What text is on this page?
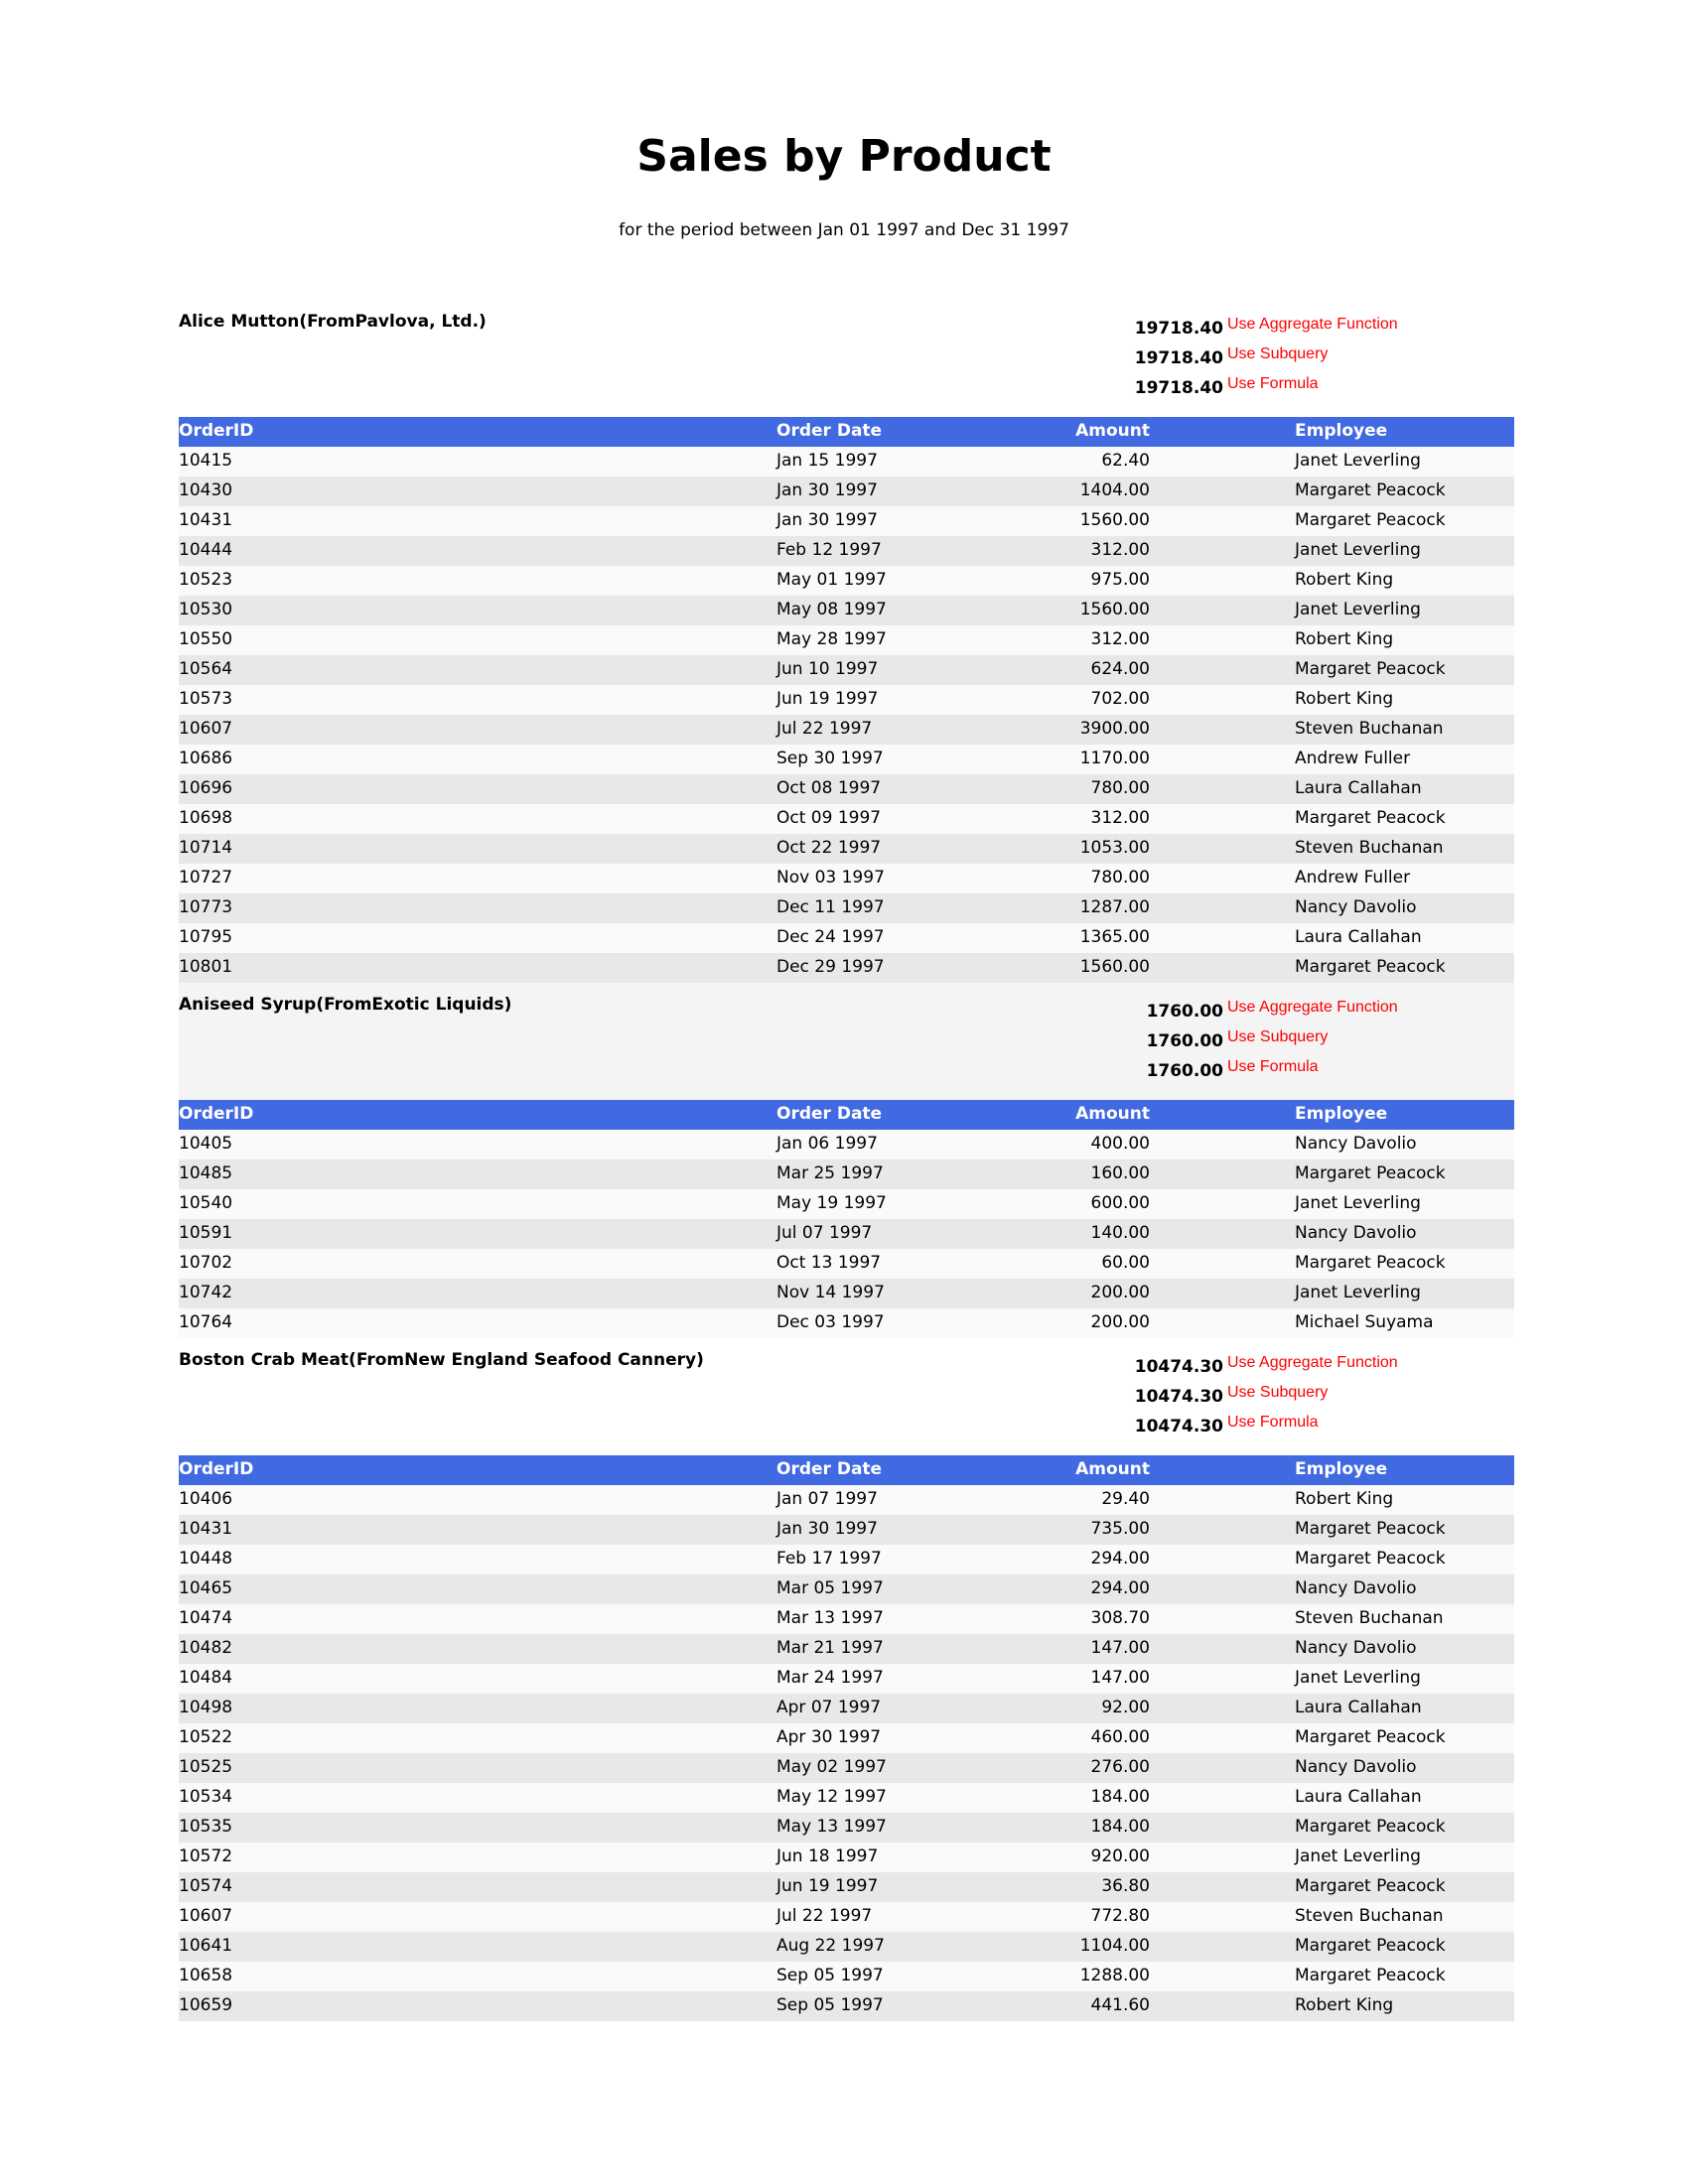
Sales by Product
for the period between Jan 01 1997 and Dec 31 1997
Alice Mutton(FromPavlova, Ltd.)	19718.40 Use Aggregate Function
19718.40 Use Subquery
19718.40 Use Formula
OrderID	Order Date	Amount	Employee
10415	Jan 15 1997	62.40	Janet Leverling
10430	Jan 30 1997	1404.00	Margaret Peacock
10431	Jan 30 1997	1560.00	Margaret Peacock
10444	Feb 12 1997	312.00	Janet Leverling
10523	May 01 1997	975.00	Robert King
10530	May 08 1997	1560.00	Janet Leverling
10550	May 28 1997	312.00	Robert King
10564	Jun 10 1997	624.00	Margaret Peacock
10573	Jun 19 1997	702.00	Robert King
10607	Jul 22 1997	3900.00	Steven Buchanan
10686	Sep 30 1997	1170.00	Andrew Fuller
10696	Oct 08 1997	780.00	Laura Callahan
10698	Oct 09 1997	312.00	Margaret Peacock
10714	Oct 22 1997	1053.00	Steven Buchanan
10727	Nov 03 1997	780.00	Andrew Fuller
10773	Dec 11 1997	1287.00	Nancy Davolio
10795	Dec 24 1997	1365.00	Laura Callahan
10801	Dec 29 1997	1560.00	Margaret Peacock
Aniseed Syrup(FromExotic Liquids)	1760.00 Use Aggregate Function
1760.00 Use Subquery
1760.00 Use Formula
OrderID	Order Date	Amount	Employee
10405	Jan 06 1997	400.00	Nancy Davolio
10485	Mar 25 1997	160.00	Margaret Peacock
10540	May 19 1997	600.00	Janet Leverling
10591	Jul 07 1997	140.00	Nancy Davolio
10702	Oct 13 1997	60.00	Margaret Peacock
10742	Nov 14 1997	200.00	Janet Leverling
10764	Dec 03 1997	200.00	Michael Suyama
Boston Crab Meat(FromNew England Seafood Cannery)	10474.30 Use Aggregate Function
10474.30 Use Subquery
10474.30 Use Formula
OrderID	Order Date	Amount	Employee
10406	Jan 07 1997	29.40	Robert King
10431	Jan 30 1997	735.00	Margaret Peacock
10448	Feb 17 1997	294.00	Margaret Peacock
10465	Mar 05 1997	294.00	Nancy Davolio
10474	Mar 13 1997	308.70	Steven Buchanan
10482	Mar 21 1997	147.00	Nancy Davolio
10484	Mar 24 1997	147.00	Janet Leverling
10498	Apr 07 1997	92.00	Laura Callahan
10522	Apr 30 1997	460.00	Margaret Peacock
10525	May 02 1997	276.00	Nancy Davolio
10534	May 12 1997	184.00	Laura Callahan
10535	May 13 1997	184.00	Margaret Peacock
10572	Jun 18 1997	920.00	Janet Leverling
10574	Jun 19 1997	36.80	Margaret Peacock
10607	Jul 22 1997	772.80	Steven Buchanan
10641	Aug 22 1997	1104.00	Margaret Peacock
10658	Sep 05 1997	1288.00	Margaret Peacock
10659	Sep 05 1997	441.60	Robert King
